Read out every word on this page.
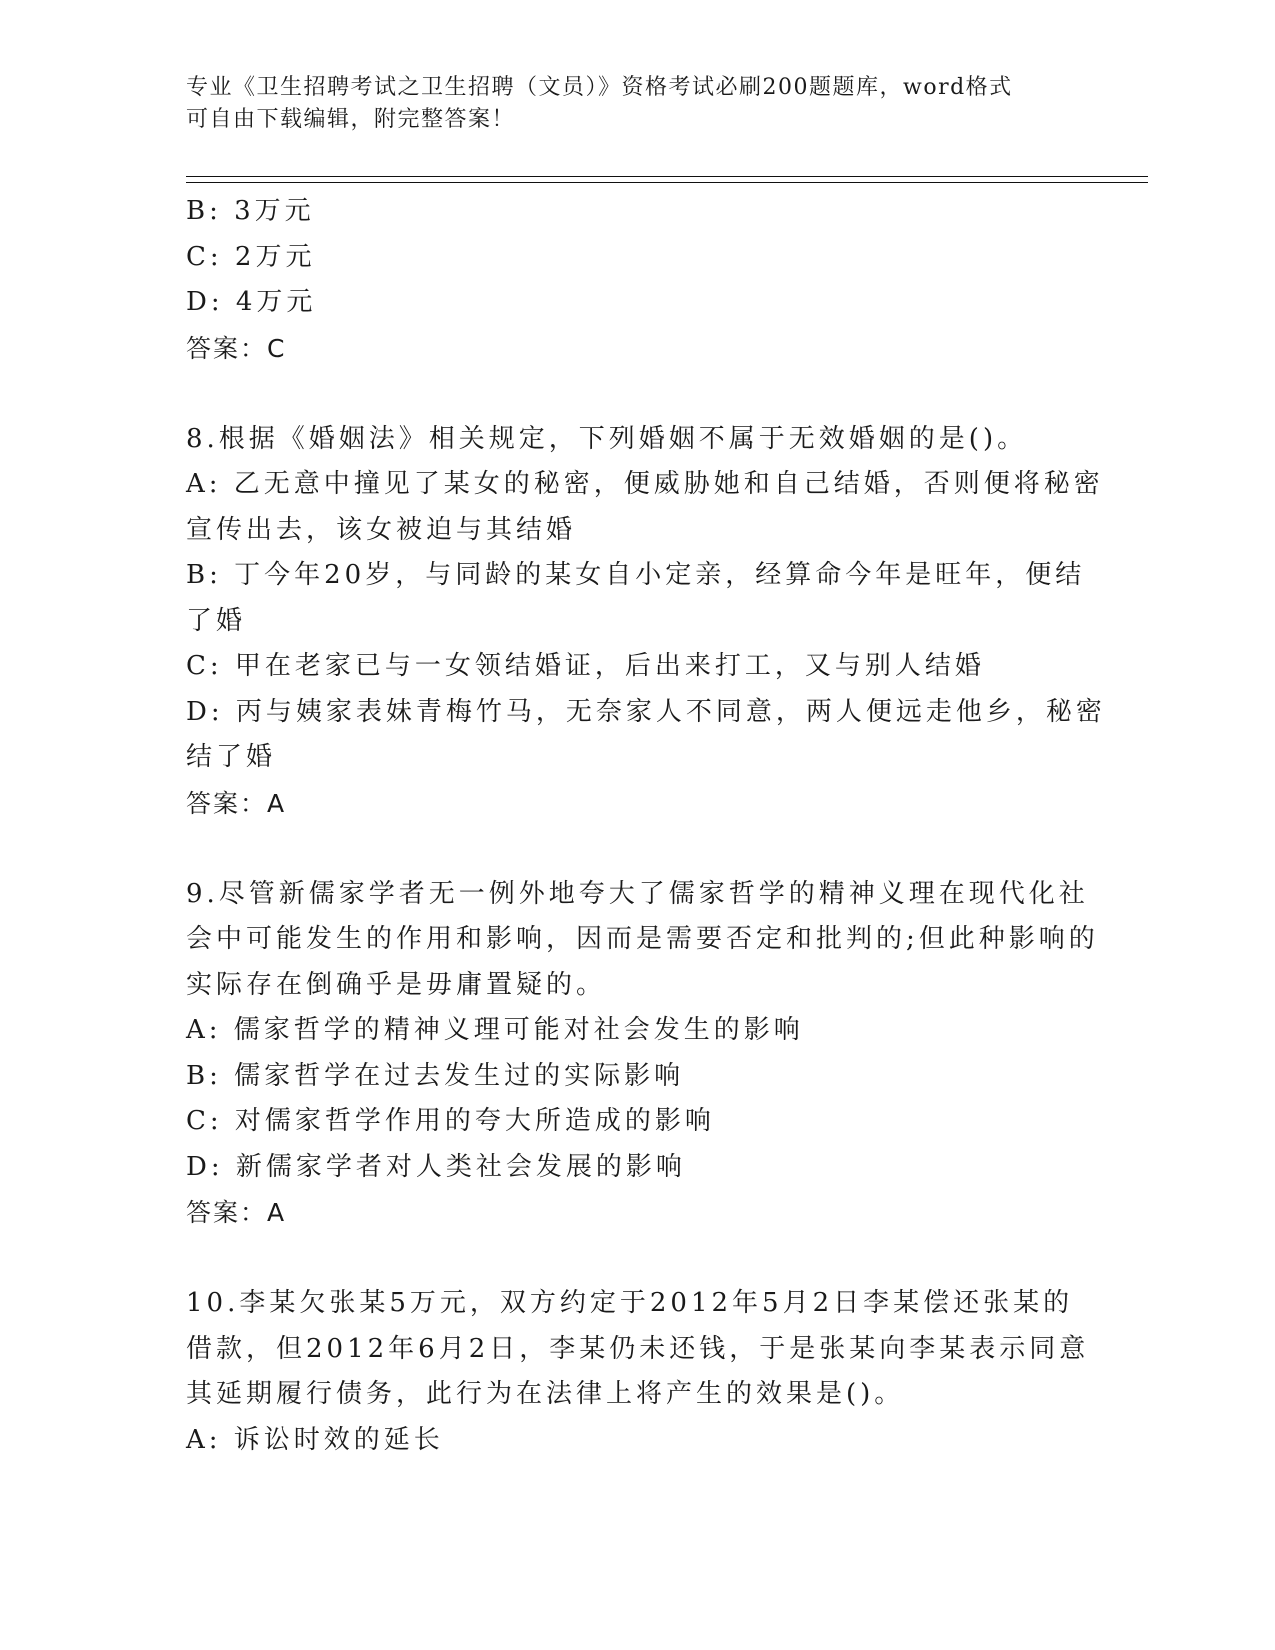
专业《卫生招聘考试之卫生招聘（文员）》资格考试必刷200题题库，word格式
可自由下载编辑，附完整答案！
B: 3万元
C: 2万元
D: 4万元
答案：C
8.根据《婚姻法》相关规定，下列婚姻不属于无效婚姻的是()。
A: 乙无意中撞见了某女的秘密，便威胁她和自己结婚，否则便将秘密
宣传出去，该女被迫与其结婚
B: 丁今年20岁，与同龄的某女自小定亲，经算命今年是旺年，便结
了婚
C: 甲在老家已与一女领结婚证，后出来打工，又与别人结婚
D: 丙与姨家表妹青梅竹马，无奈家人不同意，两人便远走他乡，秘密
结了婚
答案：A
9.尽管新儒家学者无一例外地夸大了儒家哲学的精神义理在现代化社
会中可能发生的作用和影响，因而是需要否定和批判的;但此种影响的
实际存在倒确乎是毋庸置疑的。
A: 儒家哲学的精神义理可能对社会发生的影响
B: 儒家哲学在过去发生过的实际影响
C: 对儒家哲学作用的夸大所造成的影响
D: 新儒家学者对人类社会发展的影响
答案：A
10.李某欠张某5万元，双方约定于2012年5月2日李某偿还张某的
借款，但2012年6月2日，李某仍未还钱，于是张某向李某表示同意
其延期履行债务，此行为在法律上将产生的效果是()。
A: 诉讼时效的延长
